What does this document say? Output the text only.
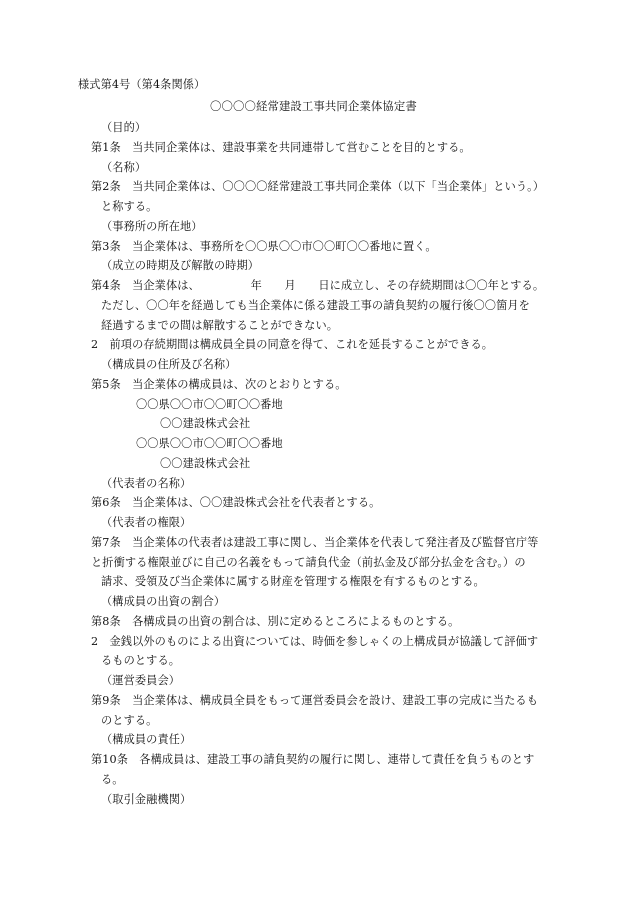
様式第4号（第4条関係）
〇〇〇〇経常建設工事共同企業体協定書
（目的）
第1条　当共同企業体は、建設事業を共同連帯して営むことを目的とする。
（名称）
第2条　当共同企業体は、〇〇〇〇経常建設工事共同企業体（以下「当企業体」という。）
と称する。
（事務所の所在地）
第3条　当企業体は、事務所を〇〇県〇〇市〇〇町〇〇番地に置く。
（成立の時期及び解散の時期）
第4条　当企業体は、　　　　　年　　月　　日に成立し、その存続期間は〇〇年とする。
ただし、〇〇年を経過しても当企業体に係る建設工事の請負契約の履行後〇〇箇月を
経過するまでの間は解散することができない。
2　前項の存続期間は構成員全員の同意を得て、これを延長することができる。
（構成員の住所及び名称）
第5条　当企業体の構成員は、次のとおりとする。
〇〇県〇〇市〇〇町〇〇番地
〇〇建設株式会社
〇〇県〇〇市〇〇町〇〇番地
〇〇建設株式会社
（代表者の名称）
第6条　当企業体は、〇〇建設株式会社を代表者とする。
（代表者の権限）
第7条　当企業体の代表者は建設工事に関し、当企業体を代表して発注者及び監督官庁等
と折衝する権限並びに自己の名義をもって請負代金（前払金及び部分払金を含む。）の
請求、受領及び当企業体に属する財産を管理する権限を有するものとする。
（構成員の出資の割合）
第8条　各構成員の出資の割合は、別に定めるところによるものとする。
2　金銭以外のものによる出資については、時価を参しゃくの上構成員が協議して評価す
るものとする。
（運営委員会）
第9条　当企業体は、構成員全員をもって運営委員会を設け、建設工事の完成に当たるも
のとする。
（構成員の責任）
第10条　各構成員は、建設工事の請負契約の履行に関し、連帯して責任を負うものとす
る。
（取引金融機関）
